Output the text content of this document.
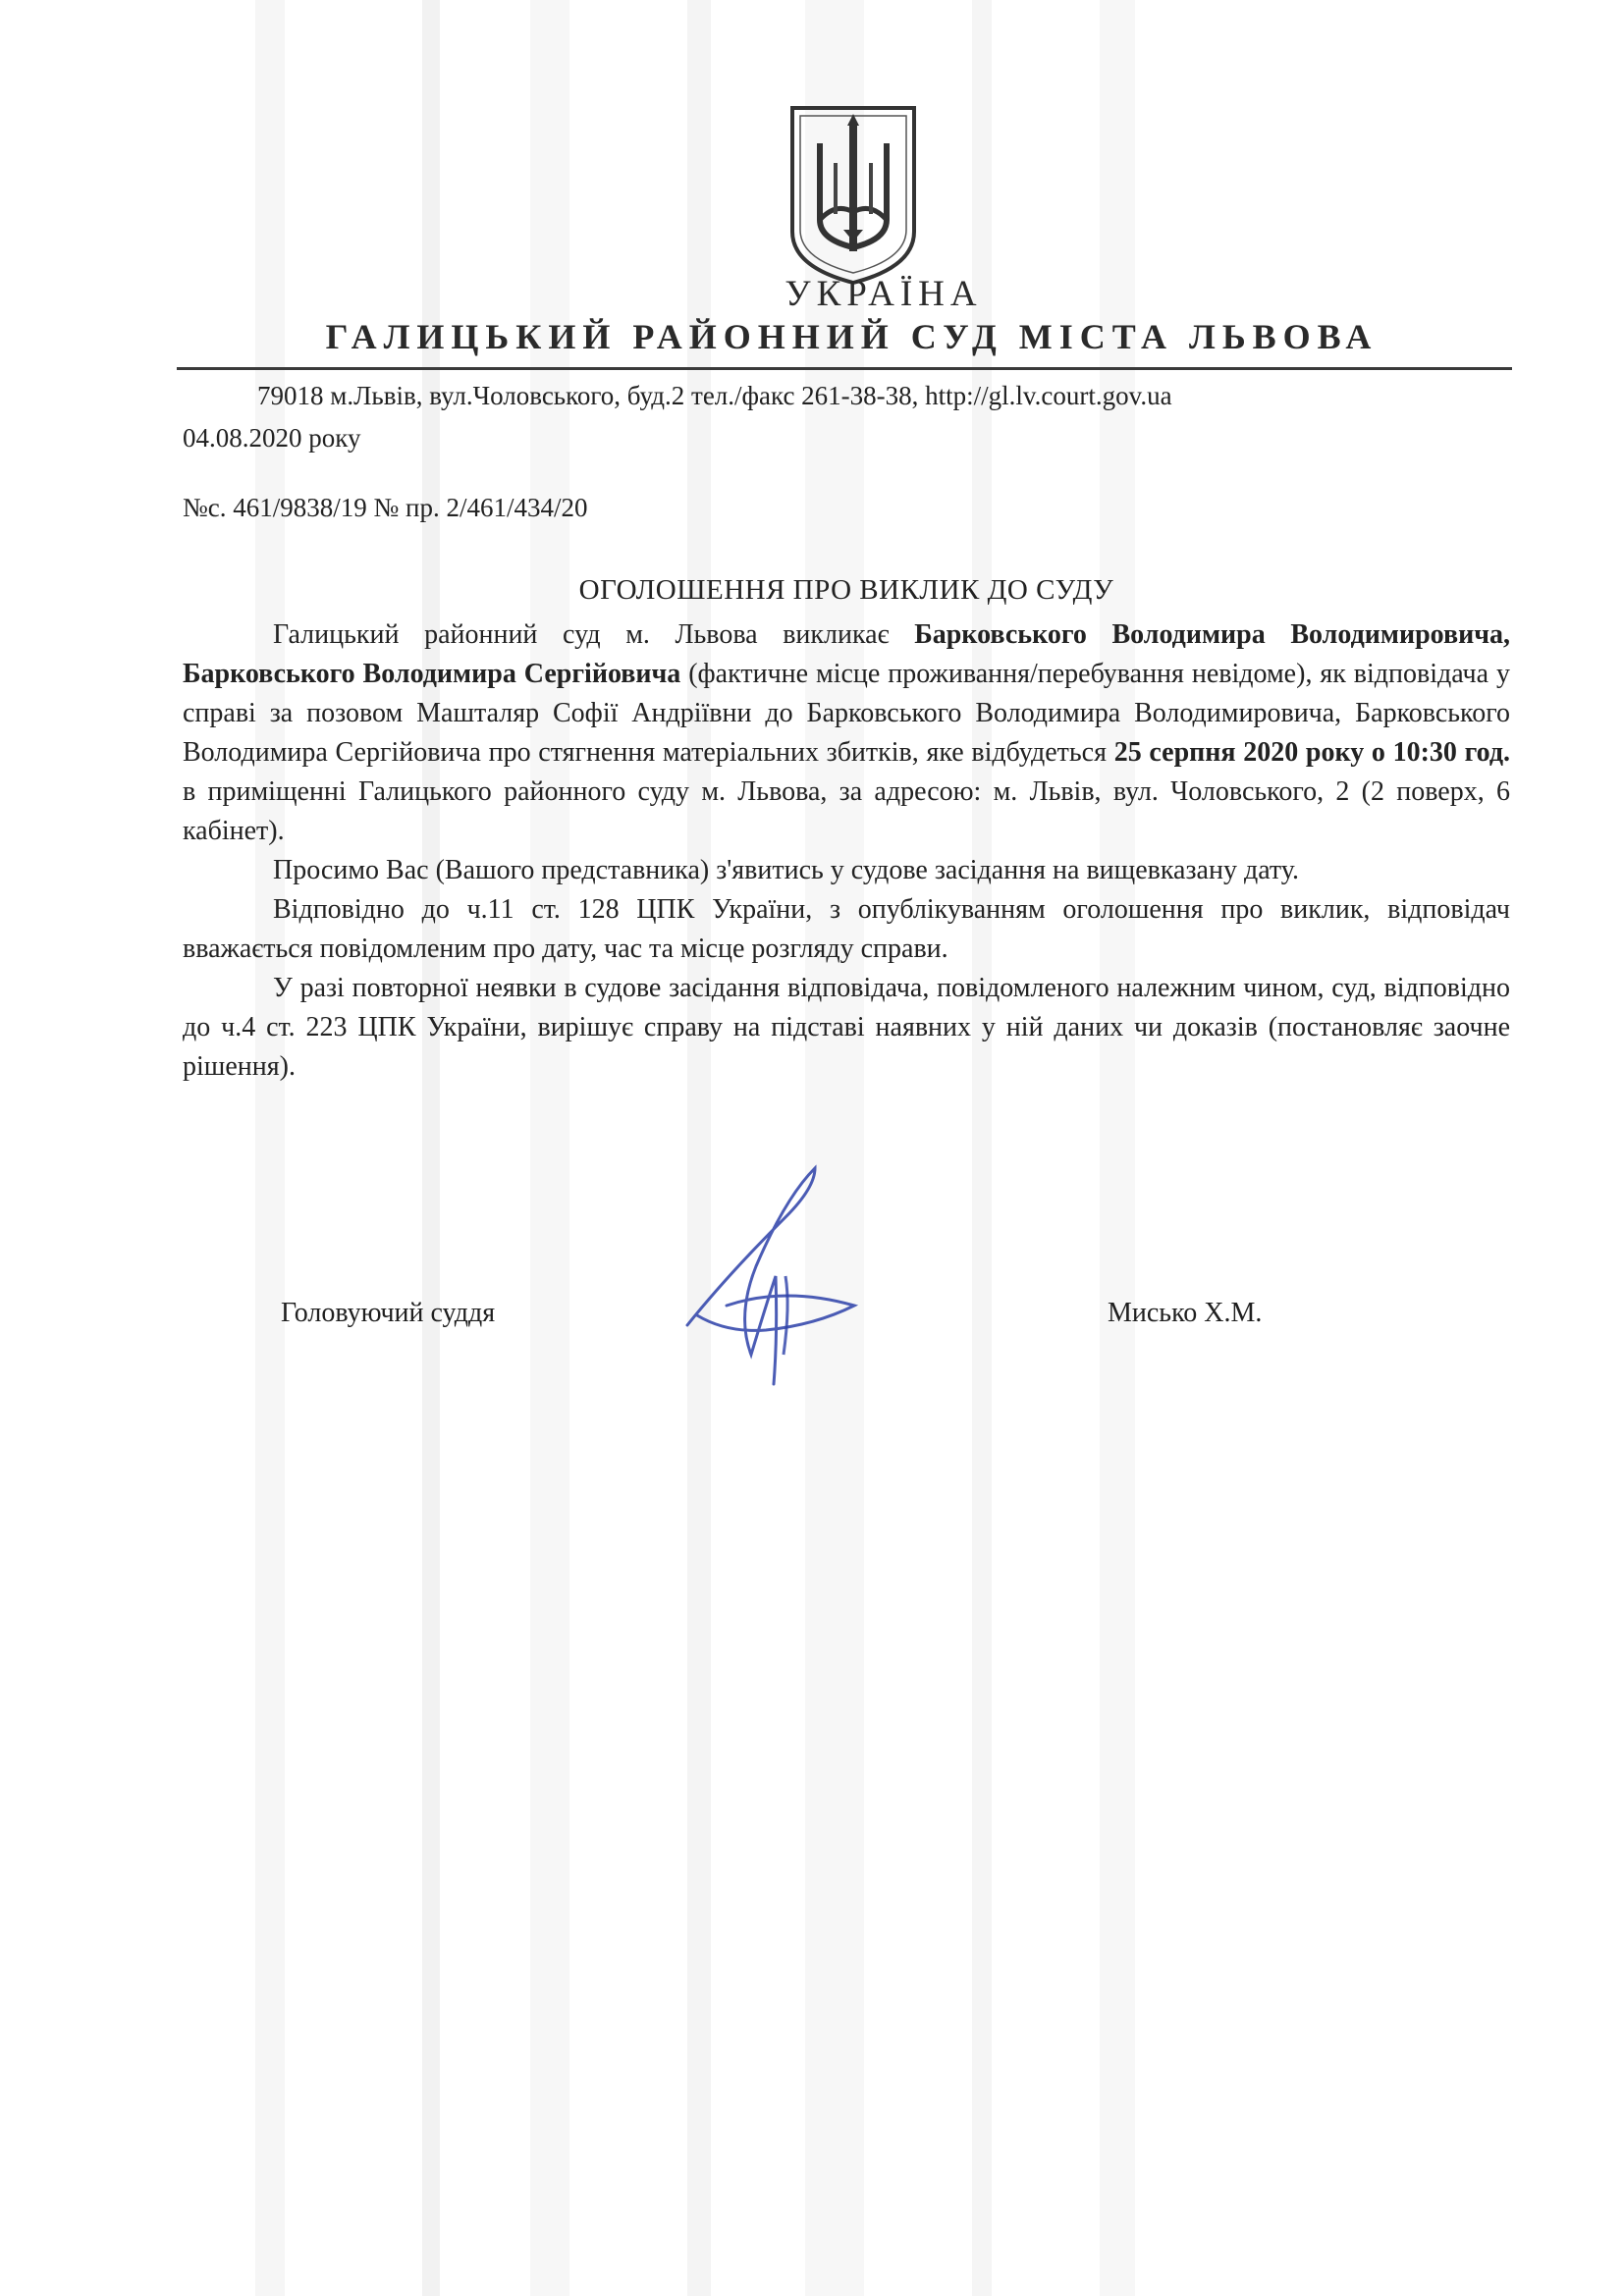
УКРАЇНА
ГАЛИЦЬКИЙ РАЙОННИЙ СУД МІСТА ЛЬВОВА
79018 м.Львів, вул.Чоловського, буд.2 тел./факс 261-38-38, http://gl.lv.court.gov.ua
04.08.2020 року
№с. 461/9838/19 № пр. 2/461/434/20
ОГОЛОШЕННЯ ПРО ВИКЛИК ДО СУДУ

Галицький районний суд м. Львова викликає Барковського Володимира Володимировича, Барковського Володимира Сергійовича (фактичне місце проживання/перебування невідоме), як відповідача у справі за позовом Машталяр Софії Андріївни до Барковського Володимира Володимировича, Барковського Володимира Сергійовича про стягнення матеріальних збитків, яке відбудеться 25 серпня 2020 року о 10:30 год. в приміщенні Галицького районного суду м. Львова, за адресою: м. Львів, вул. Чоловського, 2 (2 поверх, 6 кабінет).

Просимо Вас (Вашого представника) з'явитись у судове засідання на вищевказану дату.

Відповідно до ч.11 ст. 128 ЦПК України, з опублікуванням оголошення про виклик, відповідач вважається повідомленим про дату, час та місце розгляду справи.

У разі повторної неявки в судове засідання відповідача, повідомленого належним чином, суд, відповідно до ч.4 ст. 223 ЦПК України, вирішує справу на підставі наявних у ній даних чи доказів (постановляє заочне рішення).

Головуючий суддя	Мисько Х.М.
